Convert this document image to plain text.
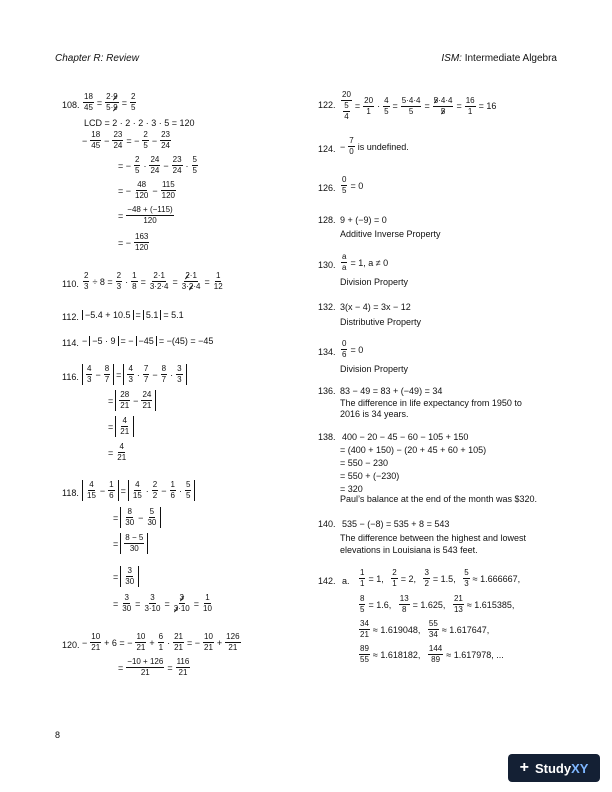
Chapter R: Review	ISM: Intermediate Algebra
108. $\frac{18}{45} = \frac{2\cdot 9}{5\cdot 9} = \frac{2}{5}$
LCD = 2 · 2 · 2 · 3 · 5 = 120
− $\frac{18}{45} - \frac{23}{24}$ = − $\frac{2}{5} - \frac{23}{24}$
= − $\frac{2}{5} \cdot \frac{24}{24} - \frac{23}{24} \cdot \frac{5}{5}$
= − $\frac{48}{120} - \frac{115}{120}$
= $\frac{-48 + (-115)}{120}$
= − $\frac{163}{120}$
110. $\frac{2}{3} \div 8 = \frac{2}{3} \cdot \frac{1}{8} = \frac{2\cdot 1}{3\cdot 2\cdot 4} = \frac{2\cdot 1}{3\cdot 2\cdot 4} = \frac{1}{12}$
112. −5.4 + 10.5 = 5.1 = 5.1
114. − −5 · 9 = − −45 = −(45) = −45
116. $\frac{4}{3} - \frac{8}{7} = \frac{4}{3} \cdot \frac{7}{7} - \frac{8}{7} \cdot \frac{3}{3}$
= $\frac{28}{21} - \frac{24}{21}$
= $\frac{4}{21}$
= $\frac{4}{21}$
118. $\frac{4}{15} - \frac{1}{6} = \frac{4}{15} \cdot \frac{2}{2} - \frac{1}{6} \cdot \frac{5}{5}$
= $\frac{8}{30} - \frac{5}{30}$
= $\frac{8 - 5}{30}$
= $\frac{3}{30}$
= $\frac{3}{30} = \frac{3}{3\cdot 10} = \frac{3}{3\cdot 10} = \frac{1}{10}$
120. − $\frac{10}{21} + 6$ = − $\frac{10}{21} + \frac{6}{1} \cdot \frac{21}{21}$ = − $\frac{10}{21} + \frac{126}{21}$
= $\frac{-10 + 126}{21} = \frac{116}{21}$
122. $\frac{20}{\frac{5}{4}} = \frac{20}{1} \cdot \frac{4}{5} = \frac{5\cdot 4\cdot 4}{5} = \frac{5\cdot 4\cdot 4}{5} = \frac{16}{1} = 16$
124. − $\frac{7}{0}$ is undefined.
126. $\frac{0}{5} = 0$
128. 9 + (−9) = 0
Additive Inverse Property
130. $\frac{a}{a} = 1$, a ≠ 0
Division Property
132. 3(x − 4) = 3x − 12
Distributive Property
134. $\frac{0}{6} = 0$
Division Property
136. 83 − 49 = 83 + (−49) = 34
The difference in life expectancy from 1950 to
2016 is 34 years.
138. 400 − 20 − 45 − 60 − 105 + 150
= (400 + 150) − (20 + 45 + 60 + 105)
= 550 − 230
= 550 + (−230)
= 320
Paul’s balance at the end of the month was $320.
140. 535 − (−8) = 535 + 8 = 543
The difference between the highest and lowest
elevations in Louisiana is 543 feet.
142. a. $\frac{1}{1} = 1$,
$\frac{2}{1} = 2$,
$\frac{3}{2} = 1.5$,
$\frac{5}{3} \approx 1.666667$,
$\frac{8}{5} = 1.6$,
$\frac{13}{8} = 1.625$,
$\frac{21}{13} \approx 1.615385$,
$\frac{34}{21} \approx 1.619048$,
$\frac{55}{34} \approx 1.617647$,
$\frac{89}{55} \approx 1.618182$,
$\frac{144}{89} \approx 1.617978$, ...
8
+ StudyXY
